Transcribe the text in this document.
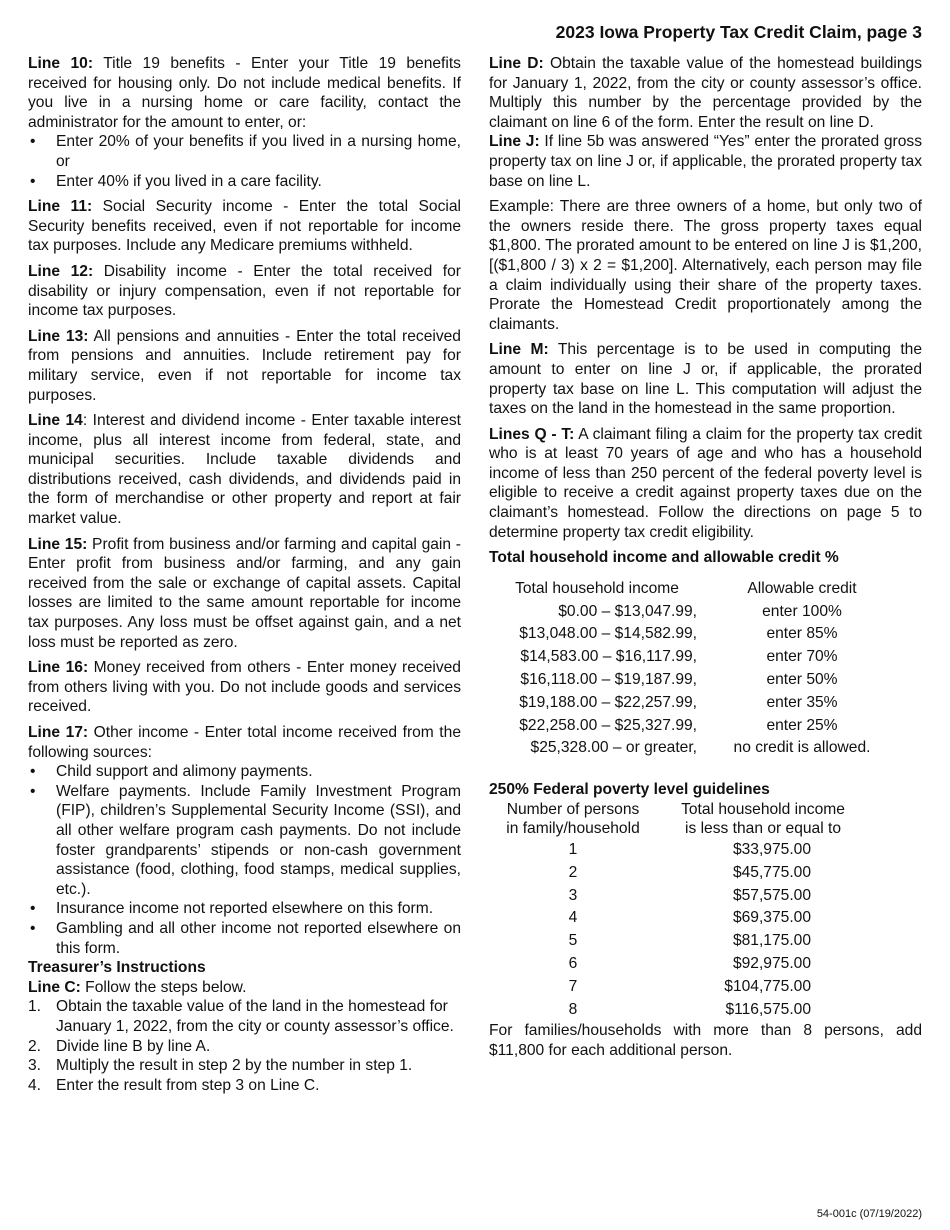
2023 Iowa Property Tax Credit Claim, page 3

Line 10: Title 19 benefits - Enter your Title 19 benefits received for housing only. Do not include medical benefits. If you live in a nursing home or care facility, contact the administrator for the amount to enter, or:

• Enter 20% of your benefits if you lived in a nursing home, or
• Enter 40% if you lived in a care facility.

Line 11: Social Security income - Enter the total Social Security benefits received, even if not reportable for income tax purposes. Include any Medicare premiums withheld.

Line 12: Disability income - Enter the total received for disability or injury compensation, even if not reportable for income tax purposes.

Line 13: All pensions and annuities - Enter the total received from pensions and annuities. Include retirement pay for military service, even if not reportable for income tax purposes.

Line 14: Interest and dividend income - Enter taxable interest income, plus all interest income from federal, state, and municipal securities. Include taxable dividends and distributions received, cash dividends, and dividends paid in the form of merchandise or other property and report at fair market value.

Line 15: Profit from business and/or farming and capital gain - Enter profit from business and/or farming, and any gain received from the sale or exchange of capital assets. Capital losses are limited to the same amount reportable for income tax purposes. Any loss must be offset against gain, and a net loss must be reported as zero.

Line 16: Money received from others - Enter money received from others living with you. Do not include goods and services received.

Line 17: Other income - Enter total income received from the following sources:

• Child support and alimony payments.
• Welfare payments. Include Family Investment Program (FIP), children’s Supplemental Security Income (SSI), and all other welfare program cash payments. Do not include foster grandparents’ stipends or non-cash government assistance (food, clothing, food stamps, medical supplies, etc.).
• Insurance income not reported elsewhere on this form.
• Gambling and all other income not reported elsewhere on this form.
Treasurer’s Instructions

Line C: Follow the steps below.

1. Obtain the taxable value of the land in the homestead for January 1, 2022, from the city or county assessor’s office.
2. Divide line B by line A.
3. Multiply the result in step 2 by the number in step 1.
4. Enter the result from step 3 on Line C.

Line D: Obtain the taxable value of the homestead buildings for January 1, 2022, from the city or county assessor’s office. Multiply this number by the percentage provided by the claimant on line 6 of the form. Enter the result on line D.

Line J: If line 5b was answered “Yes” enter the prorated gross property tax on line J or, if applicable, the prorated property tax base on line L.

Example: There are three owners of a home, but only two of the owners reside there. The gross property taxes equal $1,800. The prorated amount to be entered on line J is $1,200, [($1,800 / 3) x 2 = $1,200]. Alternatively, each person may file a claim individually using their share of the property taxes. Prorate the Homestead Credit proportionately among the claimants.

Line M: This percentage is to be used in computing the amount to enter on line J or, if applicable, the prorated property tax base on line L. This computation will adjust the taxes on the land in the homestead in the same proportion.

Lines Q - T: A claimant filing a claim for the property tax credit who is at least 70 years of age and who has a household income of less than 250 percent of the federal poverty level is eligible to receive a credit against property taxes due on the claimant’s homestead. Follow the directions on page 5 to determine property tax credit eligibility.

Total household income and allowable credit %
Total household income	Allowable credit
$0.00 – $13,047.99,	enter 100%
$13,048.00 – $14,582.99,	enter 85%
$14,583.00 – $16,117.99,	enter 70%
$16,118.00 – $19,187.99,	enter 50%
$19,188.00 – $22,257.99,	enter 35%
$22,258.00 – $25,327.99,	enter 25%
$25,328.00 – or greater,	no credit is allowed.
250% Federal poverty level guidelines
Number of persons	Total household income
in family/household	is less than or equal to
1	$33,975.00
2	$45,775.00
3	$57,575.00
4	$69,375.00
5	$81,175.00
6	$92,975.00
7	$104,775.00
8	$116,575.00

For families/households with more than 8 persons, add $11,800 for each additional person.

54-001c (07/19/2022)
